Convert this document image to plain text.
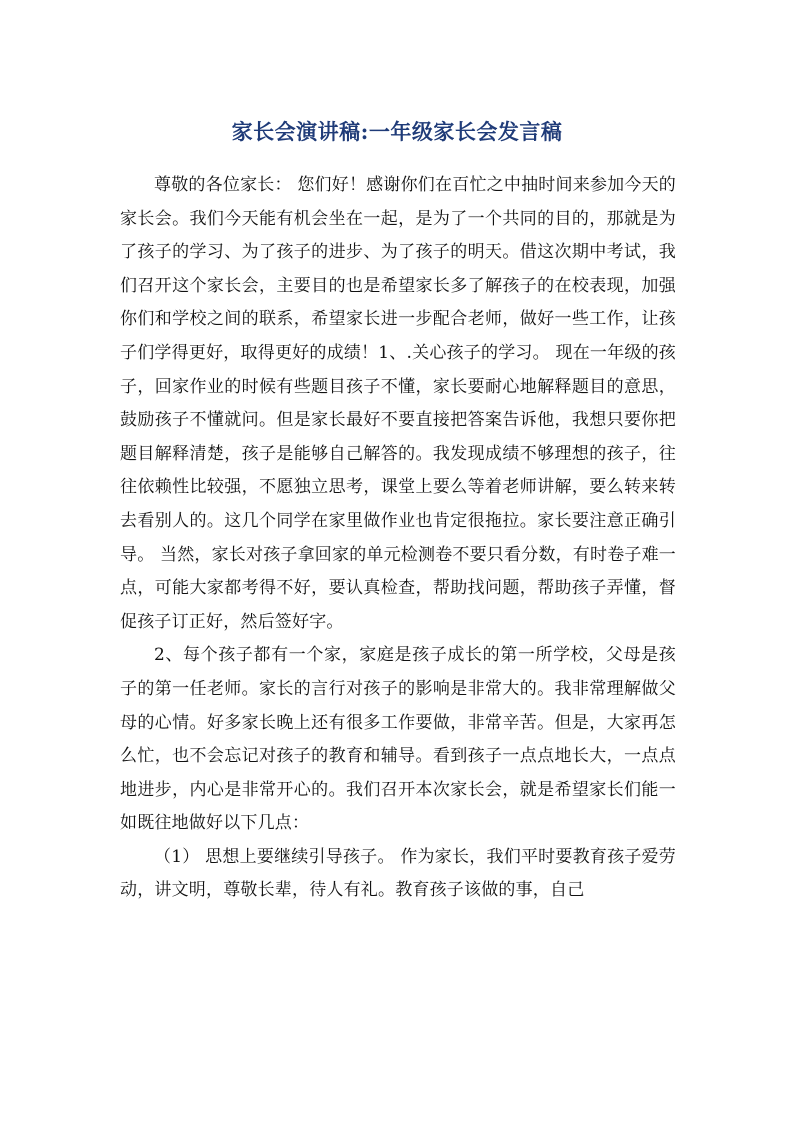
家长会演讲稿:一年级家长会发言稿

尊敬的各位家长： 您们好！感谢你们在百忙之中抽时间来参加今天的家长会。我们今天能有机会坐在一起，是为了一个共同的目的，那就是为了孩子的学习、为了孩子的进步、为了孩子的明天。借这次期中考试，我们召开这个家长会，主要目的也是希望家长多了解孩子的在校表现，加强你们和学校之间的联系，希望家长进一步配合老师，做好一些工作，让孩子们学得更好，取得更好的成绩！1、.关心孩子的学习。 现在一年级的孩子，回家作业的时候有些题目孩子不懂，家长要耐心地解释题目的意思，鼓励孩子不懂就问。但是家长最好不要直接把答案告诉他，我想只要你把题目解释清楚，孩子是能够自己解答的。我发现成绩不够理想的孩子，往往依赖性比较强，不愿独立思考，课堂上要么等着老师讲解，要么转来转去看别人的。这几个同学在家里做作业也肯定很拖拉。家长要注意正确引导。 当然，家长对孩子拿回家的单元检测卷不要只看分数，有时卷子难一点，可能大家都考得不好，要认真检查，帮助找问题，帮助孩子弄懂，督促孩子订正好，然后签好字。

2、每个孩子都有一个家，家庭是孩子成长的第一所学校，父母是孩子的第一任老师。家长的言行对孩子的影响是非常大的。我非常理解做父母的心情。好多家长晚上还有很多工作要做，非常辛苦。但是，大家再怎么忙，也不会忘记对孩子的教育和辅导。看到孩子一点点地长大，一点点地进步，内心是非常开心的。我们召开本次家长会，就是希望家长们能一如既往地做好以下几点：

（1） 思想上要继续引导孩子。 作为家长，我们平时要教育孩子爱劳动，讲文明，尊敬长辈，待人有礼。教育孩子该做的事，自己
